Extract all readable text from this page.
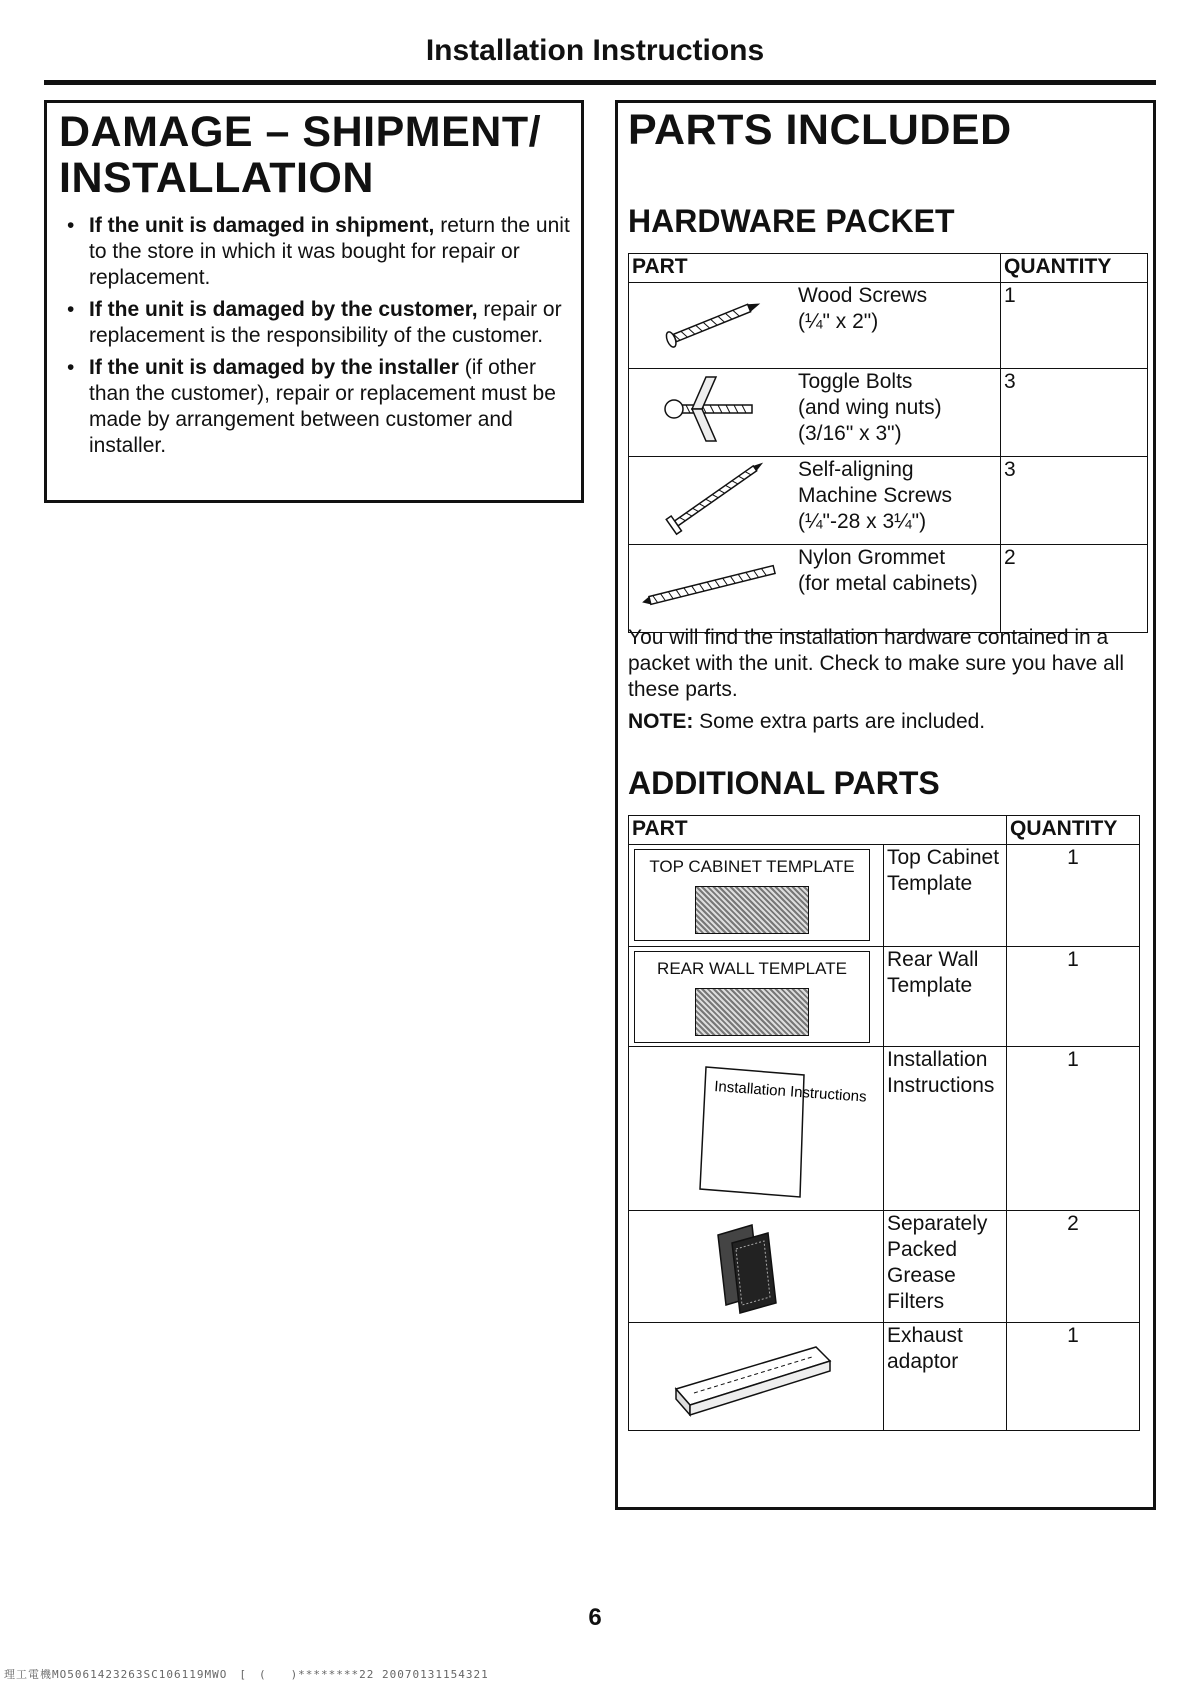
Installation Instructions
DAMAGE – SHIPMENT/ INSTALLATION
• If the unit is damaged in shipment, return the unit to the store in which it was bought for repair or replacement.
• If the unit is damaged by the customer, repair or replacement is the responsibility of the customer.
• If the unit is damaged by the installer (if other than the customer), repair or replacement must be made by arrangement between customer and installer.
PARTS INCLUDED
HARDWARE PACKET
PART		QUANTITY

Wood Screws
(¼" x 2")	1

Toggle Bolts
(and wing nuts)
(3/16" x 3")	3

Self-aligning
Machine Screws
(¼"-28 x 3¼")	3

Nylon Grommet
(for metal cabinets)	2
You will find the installation hardware contained in a packet with the unit. Check to make sure you have all these parts.
NOTE: Some extra parts are included.
ADDITIONAL PARTS
PART		QUANTITY

TOP CABINET TEMPLATE	Top Cabinet
Template	1

REAR WALL TEMPLATE	Rear Wall
Template	1

Installation Instructions	Installation
Instructions	1

Separately
Packed
Grease
Filters	2

Exhaust
adaptor	1
6
理工電機MO5061423263SC106119MWO　[　(　　)********22 20070131154321
